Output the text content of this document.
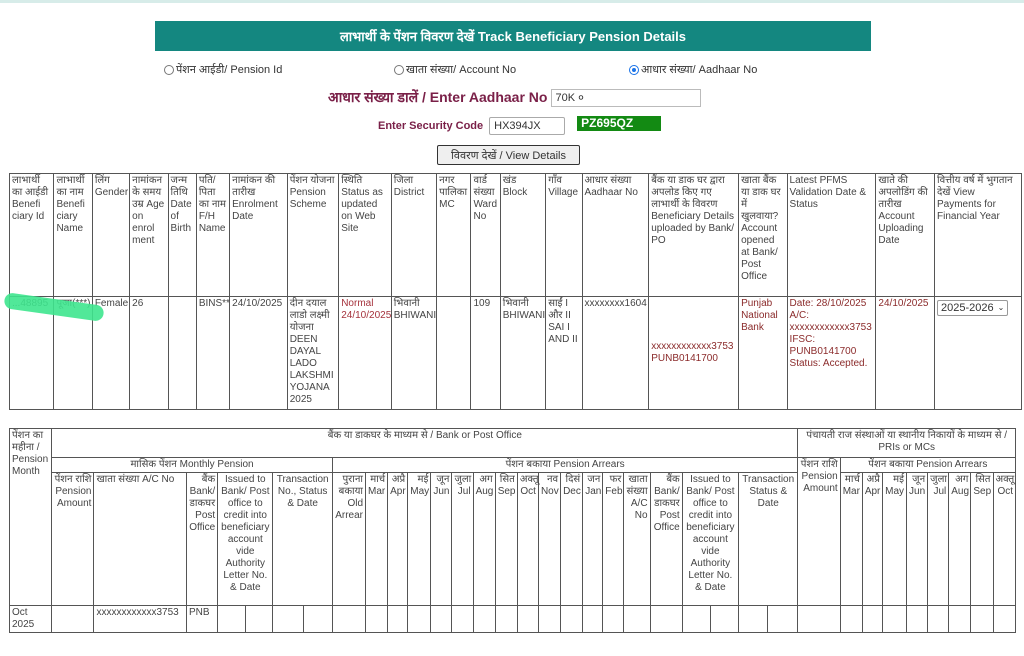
लाभार्थी के पेंशन विवरण देखें Track Beneficiary Pension Details
पेंशन आईडी/ Pension Id	खाता संख्या/ Account No	आधार संख्या/ Aadhaar No
आधार संख्या डालें / Enter Aadhaar No
70K ०
Enter Security Code
HX394JX	PZ695QZ
विवरण देखें / View Details
लाभार्थी का आईडी Benefi ciary Id	लाभार्थी का नाम Benefi ciary Name	लिंग Gender	नामांकन के समय उम्र Age on enrol ment	जन्म तिथि Date of Birth	पति/ पिता का नाम F/H Name	नामांकन की तारीख Enrolment Date	पेंशन योजना Pension Scheme	स्थिति Status as updated on Web Site	जिला District	नगर पालिका MC	वार्ड संख्या Ward No	खंड Block	गाँव Village	आधार संख्या Aadhaar No	बैंक या डाक घर द्वारा अपलोड किए गए लाभार्थी के विवरण Beneficiary Details uploaded by Bank/ PO	खाता बैंक या डाक घर में खुलवाया? Account opened at Bank/ Post Office	Latest PFMS Validation Date & Status	खाते की अपलोडिंग की तारीख Account Uploading Date	वित्तीय वर्ष में भुगतान देखें View Payments for Financial Year
		Female	26		BINS**	24/10/2025	दीन दयाल लाडो लक्ष्मी योजना DEEN DAYAL LADO LAKSHMI YOJANA 2025	Normal 24/10/2025	भिवानी BHIWANI		109	भिवानी BHIWANI	साईं I और II SAI I AND II	xxxxxxxx1604	xxxxxxxxxxxx3753 PUNB0141700	Punjab National Bank	Date: 28/10/2025 A/C: xxxxxxxxxxxx3753 IFSC: PUNB0141700 Status: Accepted.	24/10/2025	2025-2026 ⌄
पेंशन का महीना / Pension Month	बैंक या डाकघर के माध्यम से / Bank or Post Office																										पंचायती राज संस्थाओं या स्थानीय निकायों के माध्यम से / PRIs or MCs								
	मासिक पेंशन Monthly Pension							पेंशन बकाया Pension Arrears																			पेंशन राशि Pension Amount	पेंशन बकाया Pension Arrears							
	पेंशन राशि Pension Amount	खाता संख्या A/C No	बैंक Bank/ डाकघर Post Office	Issued to Bank/ Post office to credit into beneficiary account vide Authority Letter No. & Date		Transaction No., Status & Date		पुराना बकाया Old Arrear	मार्च Mar	अप्रै Apr	मई May	जून Jun	जुला Jul	अग Aug	सित Sep	अक्तू Oct	नव Nov	दिसं Dec	जन Jan	फर Feb	खाता संख्या A/C No	बैंक Bank/ डाकघर Post Office	Issued to Bank/ Post office to credit into beneficiary account vide Authority Letter No. & Date		Transaction Status & Date			मार्च Mar	अप्रै Apr	मई May	जून Jun	जुला Jul	अग Aug	सित Sep	अक्तू Oct
Oct 2025		xxxxxxxxxxxx3753	PNB																																
